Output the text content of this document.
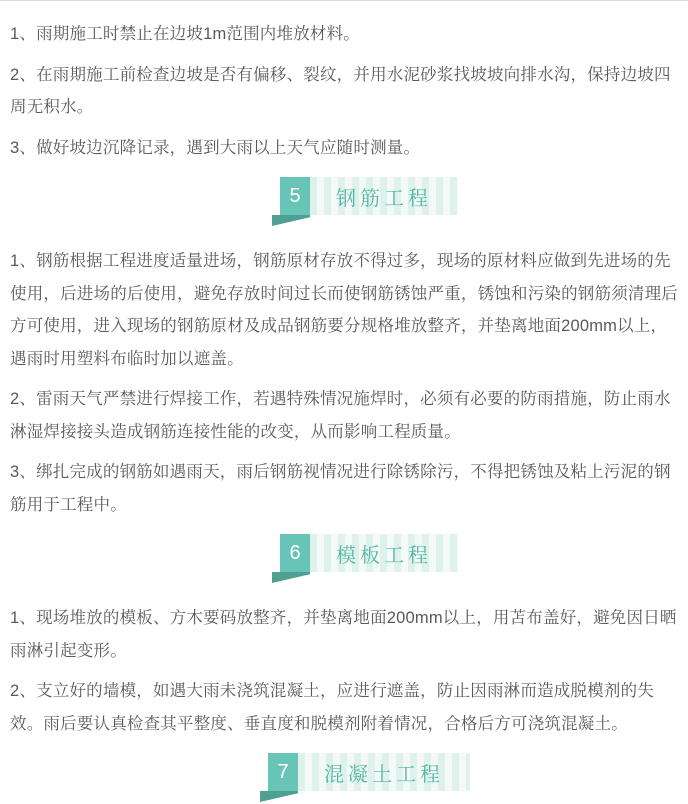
1、雨期施工时禁止在边坡1m范围内堆放材料。

2、在雨期施工前检查边坡是否有偏移、裂纹，并用水泥砂浆找坡坡向排水沟，保持边坡四周无积水。

3、做好坡边沉降记录，遇到大雨以上天气应随时测量。

5	钢筋工程

1、钢筋根据工程进度适量进场，钢筋原材存放不得过多，现场的原材料应做到先进场的先使用，后进场的后使用，避免存放时间过长而使钢筋锈蚀严重，锈蚀和污染的钢筋须清理后方可使用，进入现场的钢筋原材及成品钢筋要分规格堆放整齐，并垫离地面200mm以上，遇雨时用塑料布临时加以遮盖。

2、雷雨天气严禁进行焊接工作，若遇特殊情况施焊时，必须有必要的防雨措施，防止雨水淋湿焊接接头造成钢筋连接性能的改变，从而影响工程质量。

3、绑扎完成的钢筋如遇雨天，雨后钢筋视情况进行除锈除污，不得把锈蚀及粘上污泥的钢筋用于工程中。

6	模板工程

1、现场堆放的模板、方木要码放整齐，并垫离地面200mm以上，用苫布盖好，避免因日晒雨淋引起变形。

2、支立好的墙模，如遇大雨未浇筑混凝土，应进行遮盖，防止因雨淋而造成脱模剂的失效。雨后要认真检查其平整度、垂直度和脱模剂附着情况，合格后方可浇筑混凝土。

7	混凝土工程
